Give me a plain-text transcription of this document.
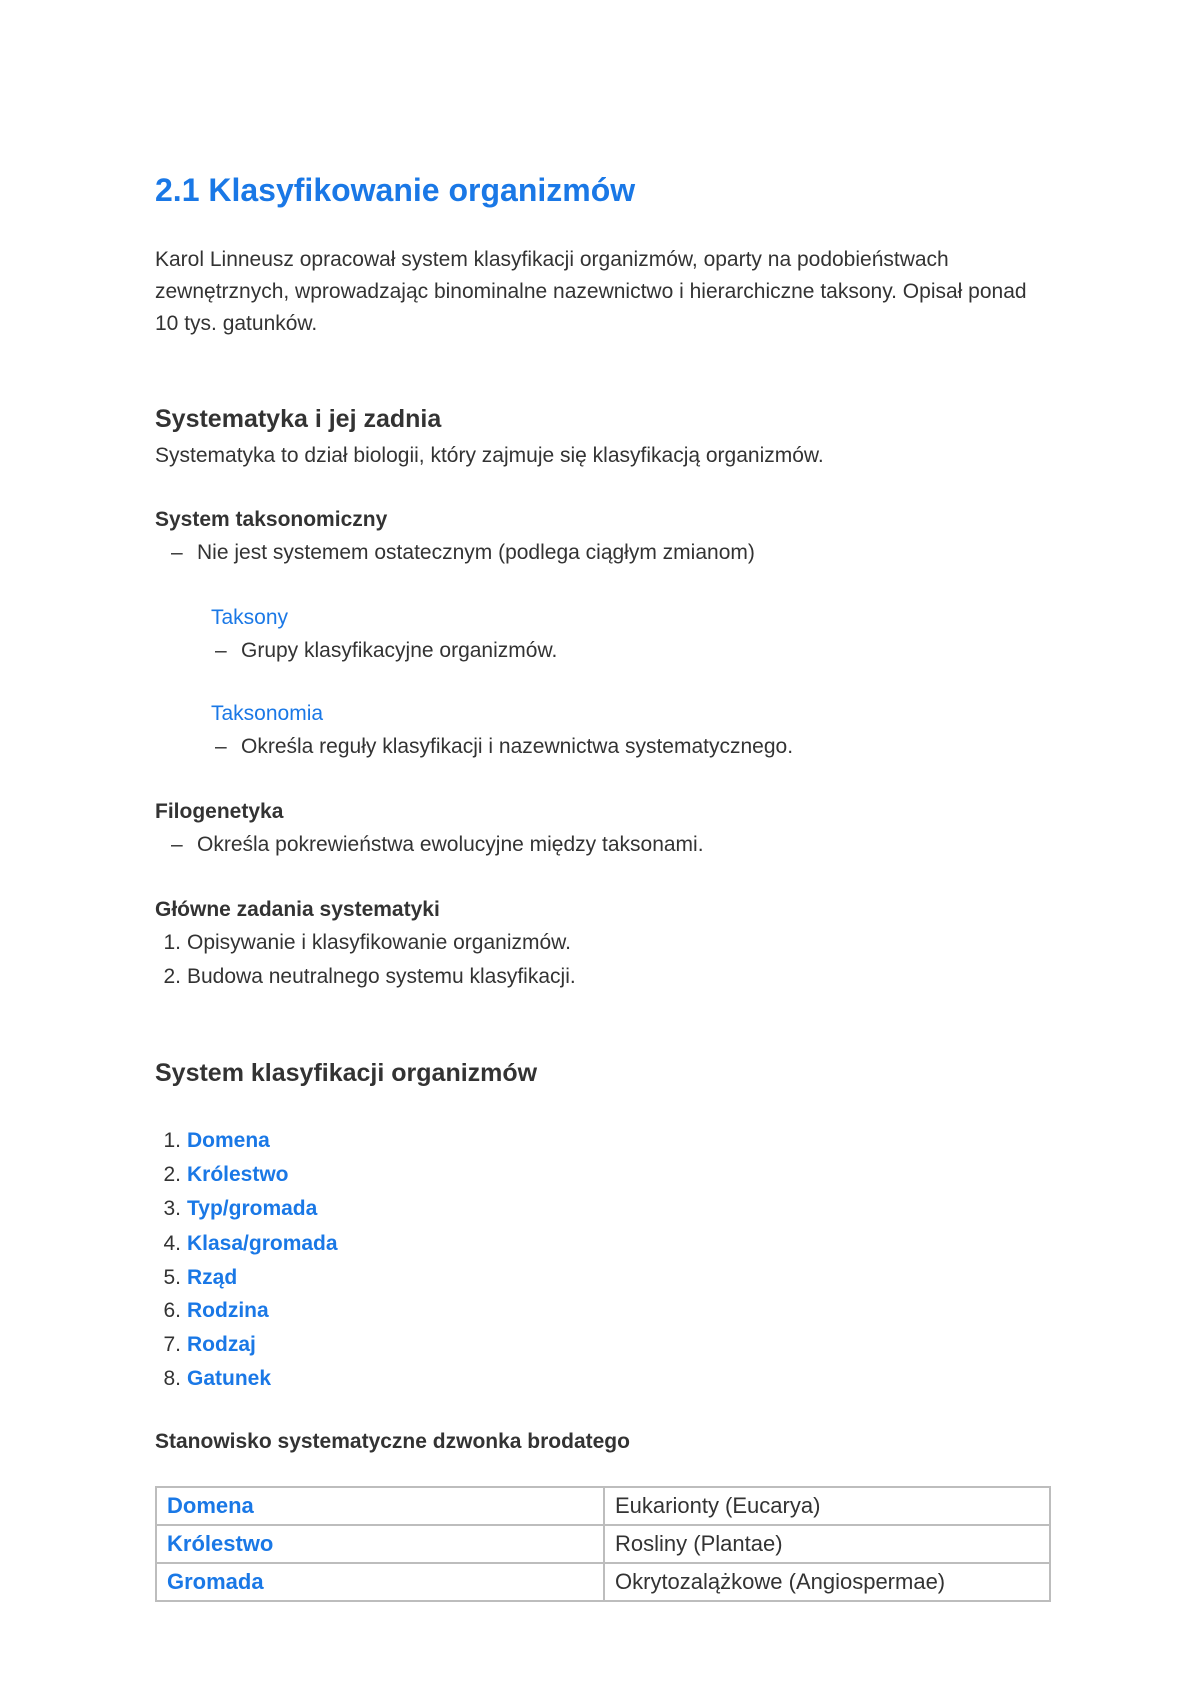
2.1 Klasyfikowanie organizmów
Karol Linneusz opracował system klasyfikacji organizmów, oparty na podobieństwach zewnętrznych, wprowadzając binominalne nazewnictwo i hierarchiczne taksony. Opisał ponad 10 tys. gatunków.
Systematyka i jej zadnia
Systematyka to dział biologii, który zajmuje się klasyfikacją organizmów.
System taksonomiczny
– Nie jest systemem ostatecznym (podlega ciągłym zmianom)
Taksony
– Grupy klasyfikacyjne organizmów.
Taksonomia
– Określa reguły klasyfikacji i nazewnictwa systematycznego.
Filogenetyka
– Określa pokrewieństwa ewolucyjne między taksonami.
Główne zadania systematyki
1. Opisywanie i klasyfikowanie organizmów.
2. Budowa neutralnego systemu klasyfikacji.
System klasyfikacji organizmów
1. Domena
2. Królestwo
3. Typ/gromada
4. Klasa/gromada
5. Rząd
6. Rodzina
7. Rodzaj
8. Gatunek
Stanowisko systematyczne dzwonka brodatego
Domena	Eukarionty (Eucarya)
Królestwo	Rosliny (Plantae)
Gromada	Okrytozalążkowe (Angiospermae)
